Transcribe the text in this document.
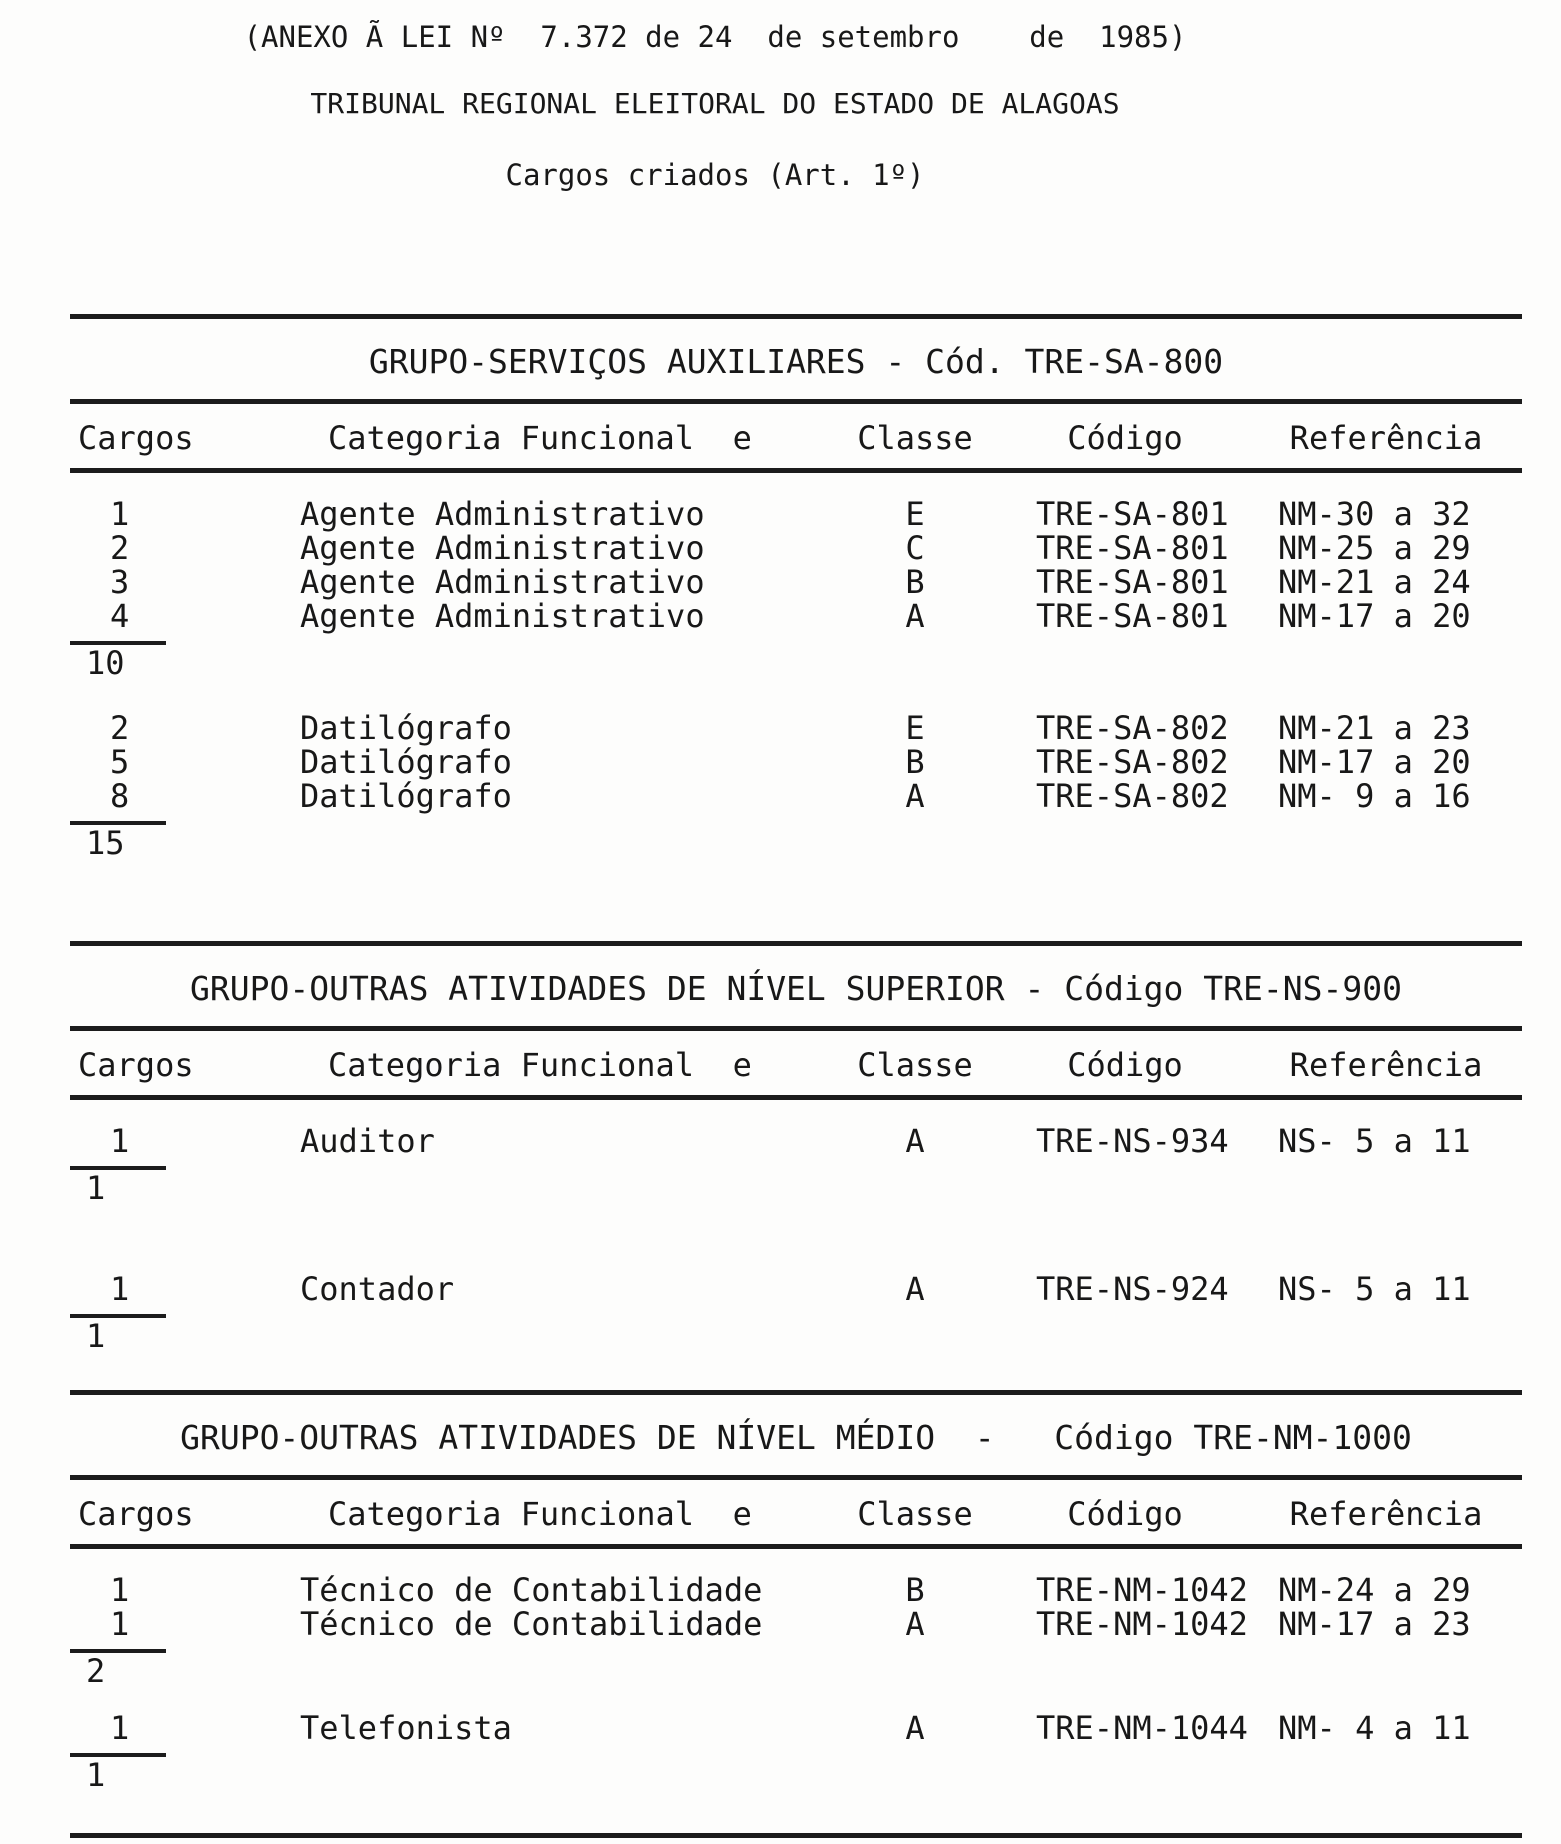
(ANEXO Ã LEI Nº  7.372 de 24  de setembro    de  1985)
TRIBUNAL REGIONAL ELEITORAL DO ESTADO DE ALAGOAS
Cargos criados (Art. 1º)
GRUPO-SERVIÇOS AUXILIARES - Cód. TRE-SA-800
Cargos	Categoria Funcional  e	Classe	Código	Referência
1	Agente Administrativo	E	TRE-SA-801	NM-30 a 32
2	Agente Administrativo	C	TRE-SA-801	NM-25 a 29
3	Agente Administrativo	B	TRE-SA-801	NM-21 a 24
4	Agente Administrativo	A	TRE-SA-801	NM-17 a 20
10
2	Datilógrafo	E	TRE-SA-802	NM-21 a 23
5	Datilógrafo	B	TRE-SA-802	NM-17 a 20
8	Datilógrafo	A	TRE-SA-802	NM- 9 a 16
15
GRUPO-OUTRAS ATIVIDADES DE NÍVEL SUPERIOR - Código TRE-NS-900
Cargos	Categoria Funcional  e	Classe	Código	Referência
1	Auditor	A	TRE-NS-934	NS- 5 a 11
1
1	Contador	A	TRE-NS-924	NS- 5 a 11
1
GRUPO-OUTRAS ATIVIDADES DE NÍVEL MÉDIO  -   Código TRE-NM-1000
Cargos	Categoria Funcional  e	Classe	Código	Referência
1	Técnico de Contabilidade	B	TRE-NM-1042 NM-24 a 29
1	Técnico de Contabilidade	A	TRE-NM-1042 NM-17 a 23
2
1	Telefonista	A	TRE-NM-1044 NM- 4 a 11
1
